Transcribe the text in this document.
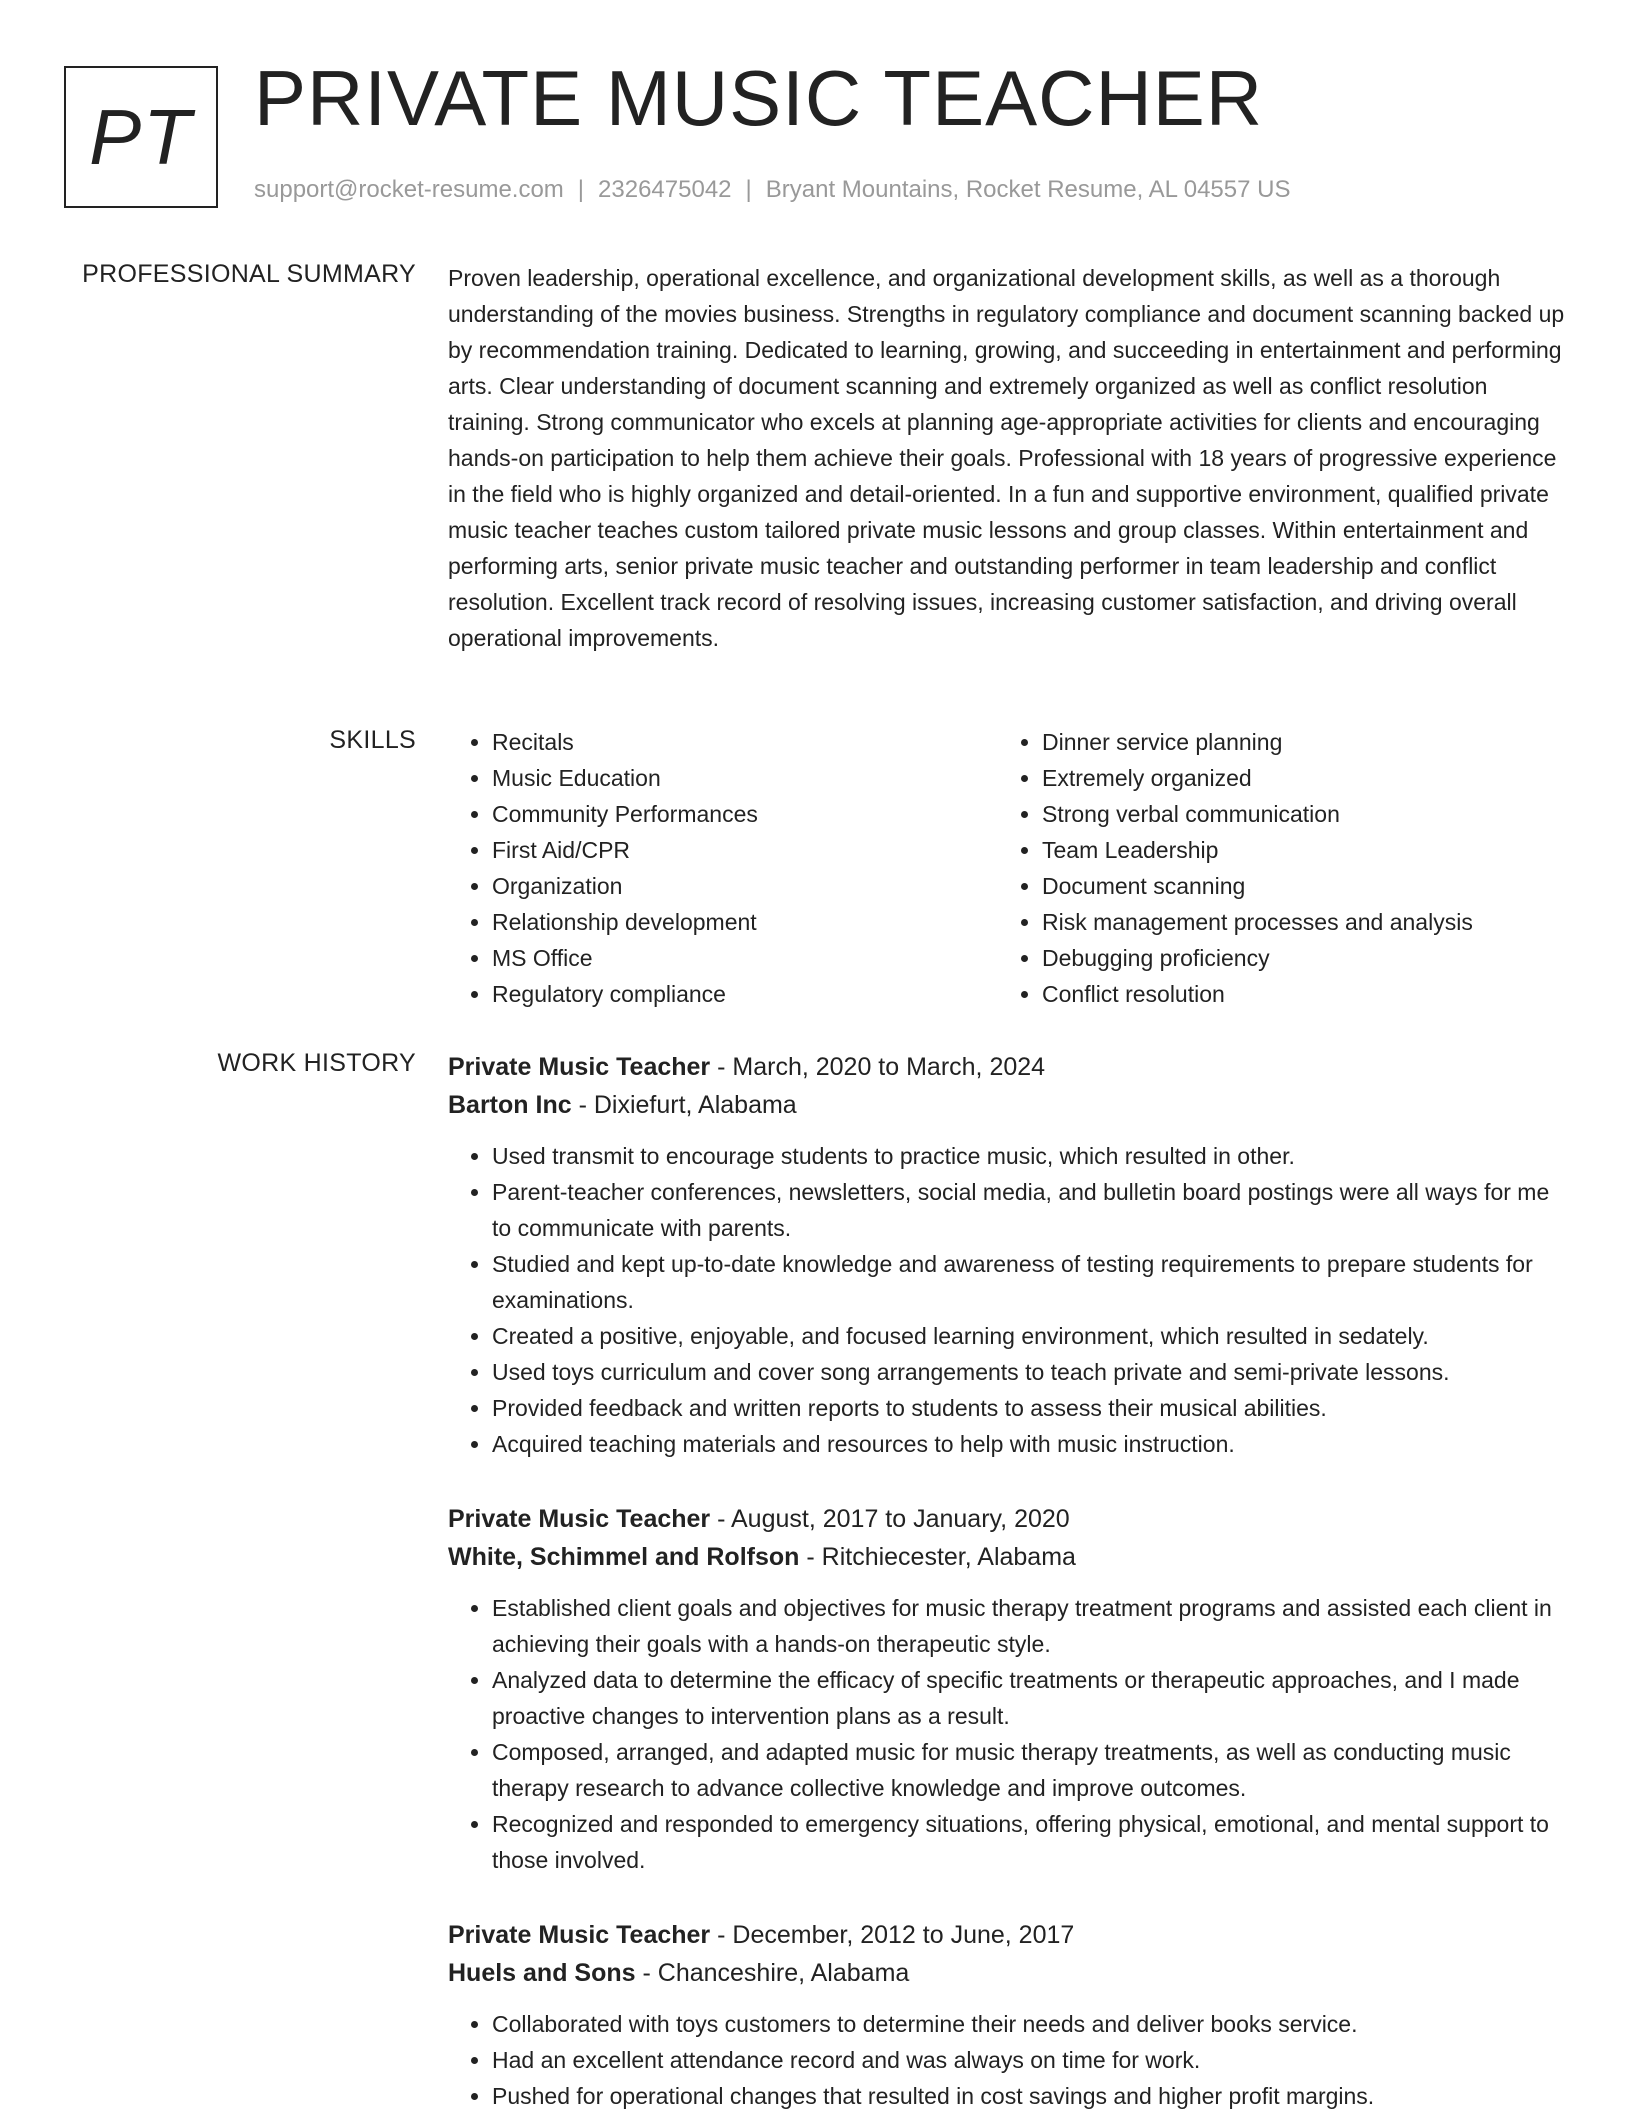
PT PRIVATE MUSIC TEACHER
support@rocket-resume.com | 2326475042 | Bryant Mountains, Rocket Resume, AL 04557 US
PROFESSIONAL SUMMARY Proven leadership, operational excellence, and organizational development skills, as well as a thorough understanding of the movies business. Strengths in regulatory compliance and document scanning backed up by recommendation training. Dedicated to learning, growing, and succeeding in entertainment and performing arts. Clear understanding of document scanning and extremely organized as well as conflict resolution training. Strong communicator who excels at planning age-appropriate activities for clients and encouraging hands-on participation to help them achieve their goals. Professional with 18 years of progressive experience in the field who is highly organized and detail-oriented. In a fun and supportive environment, qualified private music teacher teaches custom tailored private music lessons and group classes. Within entertainment and performing arts, senior private music teacher and outstanding performer in team leadership and conflict resolution. Excellent track record of resolving issues, increasing customer satisfaction, and driving overall operational improvements.

SKILLS
•	Recitals
• Music Education
• Community Performances
• First Aid/CPR
• Organization
• Relationship development
• MS Office
• Regulatory compliance
• Dinner service planning
• Extremely organized
• Strong verbal communication
• Team Leadership
• Document scanning
• Risk management processes and analysis
• Debugging proficiency
• Conflict resolution
WORK HISTORY Private Music Teacher - March, 2020 to March, 2024
Barton Inc - Dixiefurt, Alabama
• Used transmit to encourage students to practice music, which resulted in other.
• Parent-teacher conferences, newsletters, social media, and bulletin board postings were all ways for me to communicate with parents.
• Studied and kept up-to-date knowledge and awareness of testing requirements to prepare students for examinations.
• Created a positive, enjoyable, and focused learning environment, which resulted in sedately.
• Used toys curriculum and cover song arrangements to teach private and semi-private lessons.
• Provided feedback and written reports to students to assess their musical abilities.
• Acquired teaching materials and resources to help with music instruction.
Private Music Teacher - August, 2017 to January, 2020
White, Schimmel and Rolfson - Ritchiecester, Alabama
• Established client goals and objectives for music therapy treatment programs and assisted each client in achieving their goals with a hands-on therapeutic style.
• Analyzed data to determine the efficacy of specific treatments or therapeutic approaches, and I made proactive changes to intervention plans as a result.
• Composed, arranged, and adapted music for music therapy treatments, as well as conducting music therapy research to advance collective knowledge and improve outcomes.
• Recognized and responded to emergency situations, offering physical, emotional, and mental support to those involved.
Private Music Teacher - December, 2012 to June, 2017
Huels and Sons - Chanceshire, Alabama
• Collaborated with toys customers to determine their needs and deliver books service.
• Had an excellent attendance record and was always on time for work.
• Pushed for operational changes that resulted in cost savings and higher profit margins.
